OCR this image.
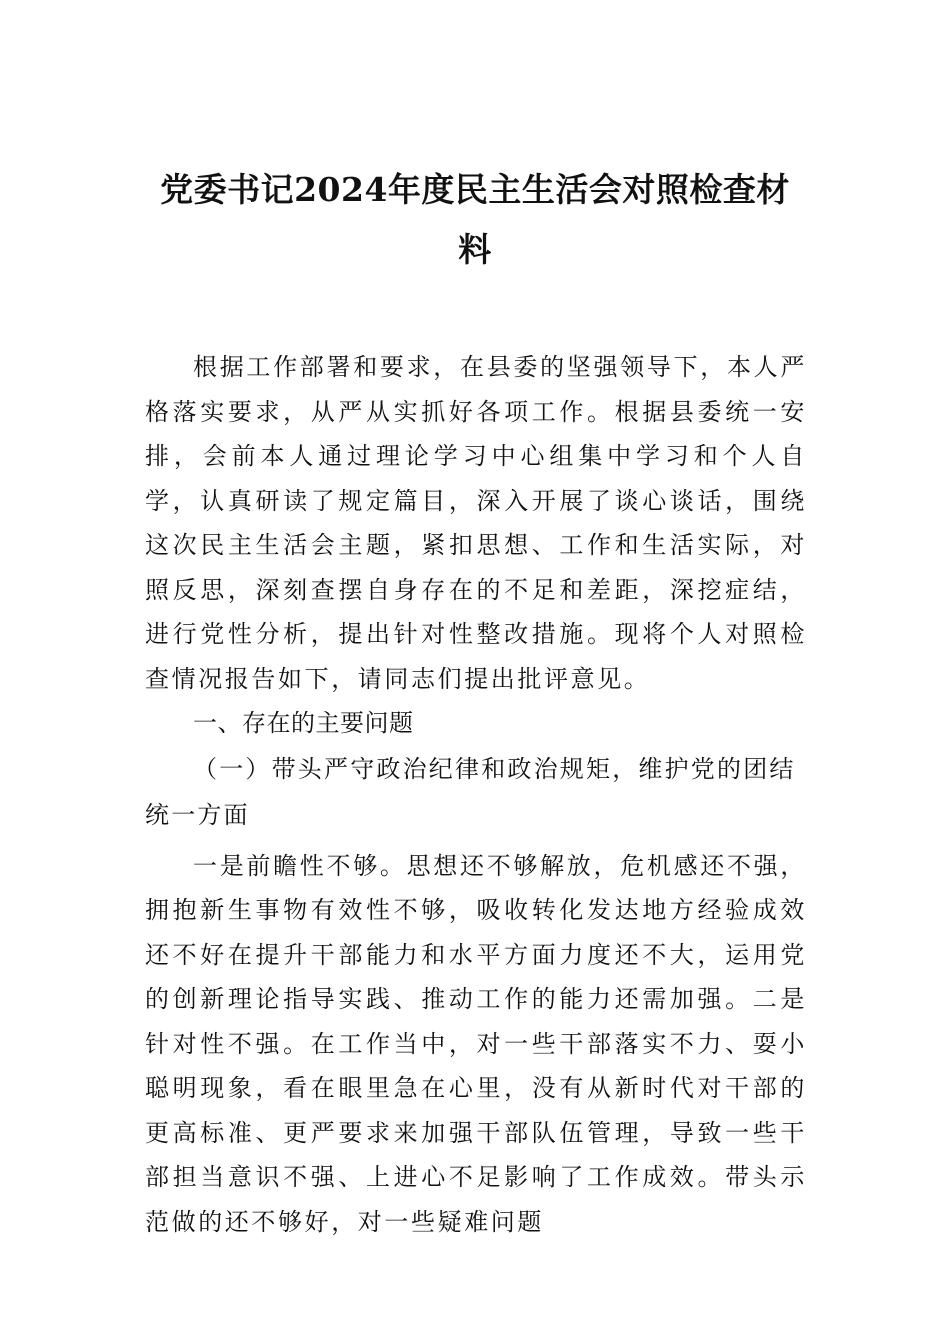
党委书记2024年度民主生活会对照检查材
料

根据工作部署和要求，在县委的坚强领导下，本人严格落实要求，从严从实抓好各项工作。根据县委统一安排，会前本人通过理论学习中心组集中学习和个人自学，认真研读了规定篇目，深入开展了谈心谈话，围绕这次民主生活会主题，紧扣思想、工作和生活实际，对照反思，深刻查摆自身存在的不足和差距，深挖症结，进行党性分析，提出针对性整改措施。现将个人对照检查情况报告如下，请同志们提出批评意见。

一、存在的主要问题

（一）带头严守政治纪律和政治规矩，维护党的团结统一方面

一是前瞻性不够。思想还不够解放，危机感还不强，拥抱新生事物有效性不够，吸收转化发达地方经验成效还不好在提升干部能力和水平方面力度还不大，运用党的创新理论指导实践、推动工作的能力还需加强。二是针对性不强。在工作当中，对一些干部落实不力、耍小聪明现象，看在眼里急在心里，没有从新时代对干部的更高标准、更严要求来加强干部队伍管理，导致一些干部担当意识不强、上进心不足影响了工作成效。带头示范做的还不够好，对一些疑难问题
